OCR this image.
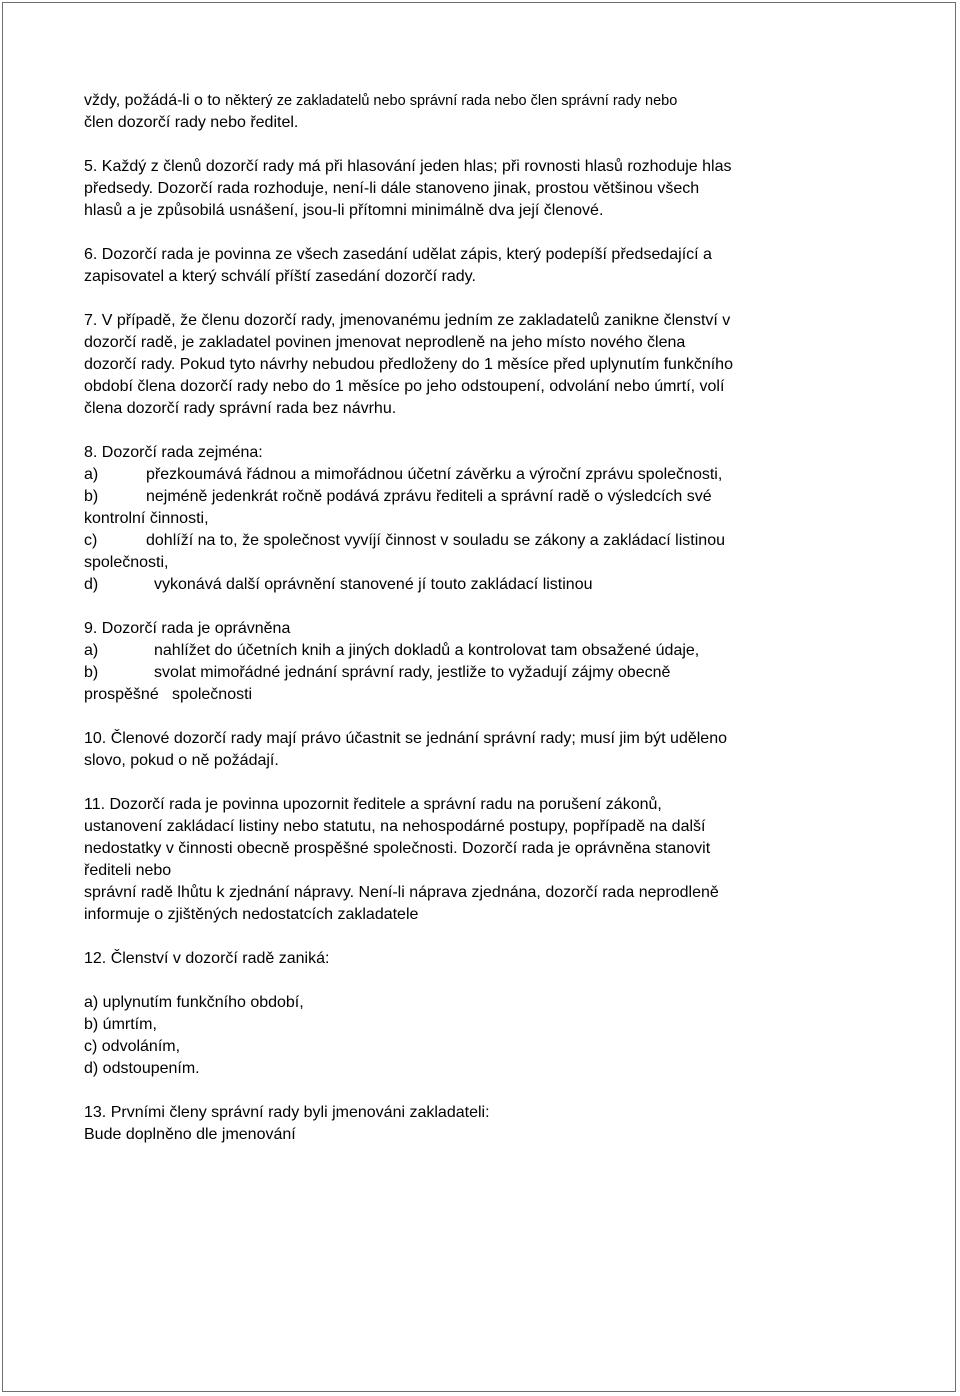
vždy, požádá-li o to některý ze zakladatelů nebo správní rada nebo člen správní rady nebo

člen dozorčí rady nebo ředitel.

5. Každý z členů dozorčí rady má při hlasování jeden hlas; při rovnosti hlasů rozhoduje hlas

předsedy. Dozorčí rada rozhoduje, není-li dále stanoveno jinak, prostou většinou všech

hlasů a je způsobilá usnášení, jsou-li přítomni minimálně dva její členové.

6. Dozorčí rada je povinna ze všech zasedání udělat zápis, který podepíší předsedající a

zapisovatel a který schválí příští zasedání dozorčí rady.

7. V případě, že členu dozorčí rady, jmenovanému jedním ze zakladatelů zanikne členství v

dozorčí radě, je zakladatel povinen jmenovat neprodleně na jeho místo nového člena

dozorčí rady. Pokud tyto návrhy nebudou předloženy do 1 měsíce před uplynutím funkčního

období člena dozorčí rady nebo do 1 měsíce po jeho odstoupení, odvolání nebo úmrtí, volí

člena dozorčí rady správní rada bez návrhu.

8. Dozorčí rada zejména:

a)	přezkoumává řádnou a mimořádnou účetní závěrku a výroční zprávu společnosti,

b)	nejméně jedenkrát ročně podává zprávu řediteli a správní radě o výsledcích své

kontrolní činnosti,

c)	dohlíží na to, že společnost vyvíjí činnost v souladu se zákony a zakládací listinou

společnosti,

d)	vykonává další oprávnění stanovené jí touto zakládací listinou

9. Dozorčí rada je oprávněna

a)	nahlížet do účetních knih a jiných dokladů a kontrolovat tam obsažené údaje,

b)	svolat mimořádné jednání správní rady, jestliže to vyžadují zájmy obecně

prospěšné   společnosti

10. Členové dozorčí rady mají právo účastnit se jednání správní rady; musí jim být uděleno

slovo, pokud o ně požádají.

11. Dozorčí rada je povinna upozornit ředitele a správní radu na porušení zákonů,

ustanovení zakládací listiny nebo statutu, na nehospodárné postupy, popřípadě na další

nedostatky v činnosti obecně prospěšné společnosti. Dozorčí rada je oprávněna stanovit

řediteli nebo

správní radě lhůtu k zjednání nápravy. Není-li náprava zjednána, dozorčí rada neprodleně

informuje o zjištěných nedostatcích zakladatele

12. Členství v dozorčí radě zaniká:

a) uplynutím funkčního období,

b) úmrtím,

c) odvoláním,

d) odstoupením.

13. Prvními členy správní rady byli jmenováni zakladateli:

Bude doplněno dle jmenování
